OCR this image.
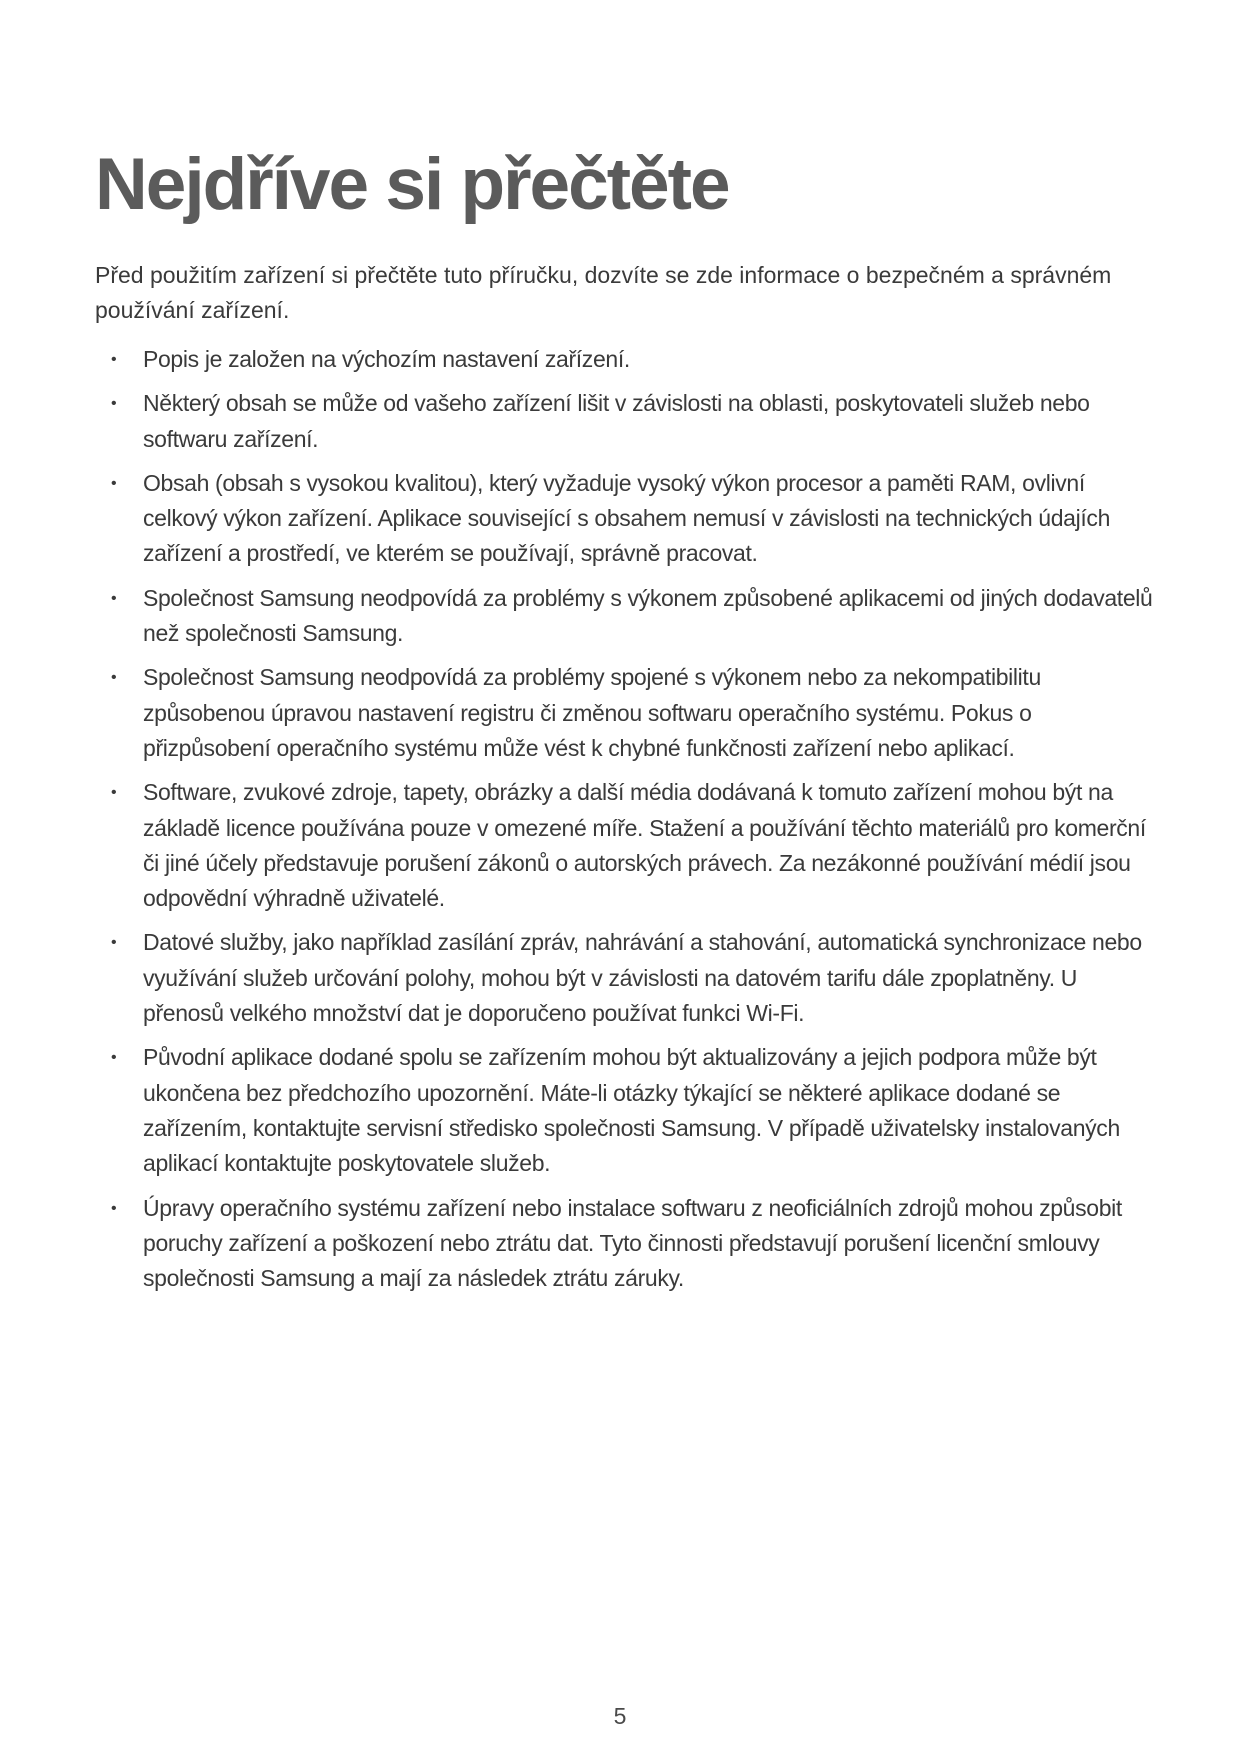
Nejdříve si přečtěte

Před použitím zařízení si přečtěte tuto příručku, dozvíte se zde informace o bezpečném a správném používání zařízení.

• Popis je založen na výchozím nastavení zařízení.
• Některý obsah se může od vašeho zařízení lišit v závislosti na oblasti, poskytovateli služeb nebo softwaru zařízení.
• Obsah (obsah s vysokou kvalitou), který vyžaduje vysoký výkon procesor a paměti RAM, ovlivní celkový výkon zařízení. Aplikace související s obsahem nemusí v závislosti na technických údajích zařízení a prostředí, ve kterém se používají, správně pracovat.
• Společnost Samsung neodpovídá za problémy s výkonem způsobené aplikacemi od jiných dodavatelů než společnosti Samsung.
• Společnost Samsung neodpovídá za problémy spojené s výkonem nebo za nekompatibilitu způsobenou úpravou nastavení registru či změnou softwaru operačního systému. Pokus o přizpůsobení operačního systému může vést k chybné funkčnosti zařízení nebo aplikací.
• Software, zvukové zdroje, tapety, obrázky a další média dodávaná k tomuto zařízení mohou být na základě licence používána pouze v omezené míře. Stažení a používání těchto materiálů pro komerční či jiné účely představuje porušení zákonů o autorských právech. Za nezákonné používání médií jsou odpovědní výhradně uživatelé.
• Datové služby, jako například zasílání zpráv, nahrávání a stahování, automatická synchronizace nebo využívání služeb určování polohy, mohou být v závislosti na datovém tarifu dále zpoplatněny. U přenosů velkého množství dat je doporučeno používat funkci Wi-Fi.
• Původní aplikace dodané spolu se zařízením mohou být aktualizovány a jejich podpora může být ukončena bez předchozího upozornění. Máte-li otázky týkající se některé aplikace dodané se zařízením, kontaktujte servisní středisko společnosti Samsung. V případě uživatelsky instalovaných aplikací kontaktujte poskytovatele služeb.
• Úpravy operačního systému zařízení nebo instalace softwaru z neoficiálních zdrojů mohou způsobit poruchy zařízení a poškození nebo ztrátu dat. Tyto činnosti představují porušení licenční smlouvy společnosti Samsung a mají za následek ztrátu záruky.
5
